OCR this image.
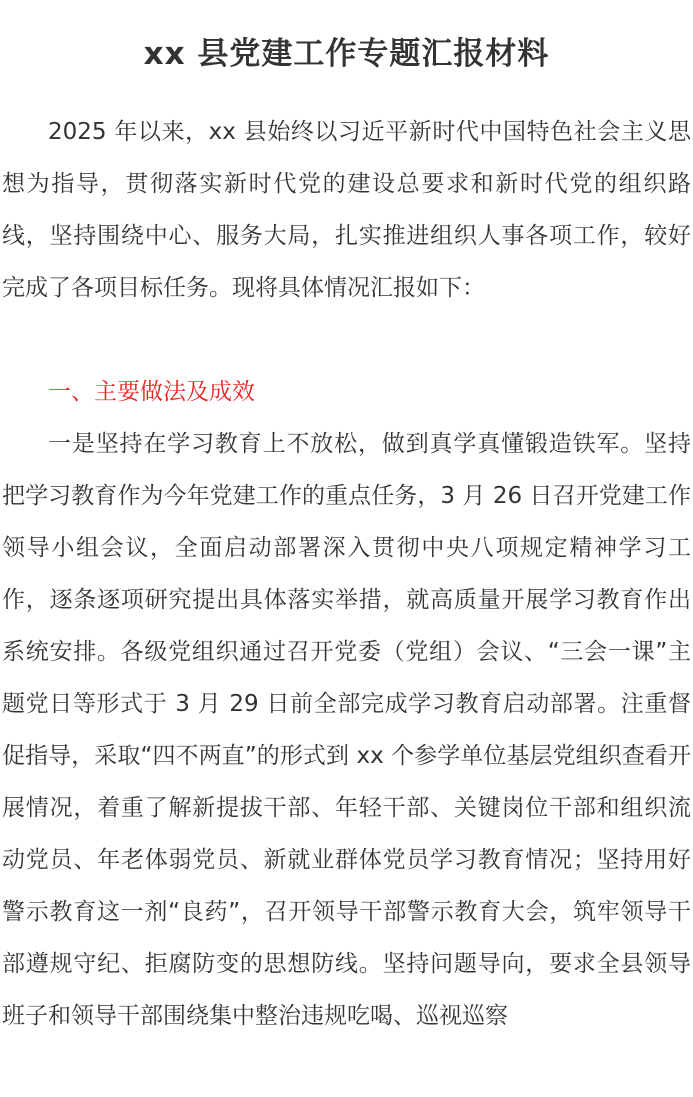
xx 县党建工作专题汇报材料

2025 年以来，xx 县始终以习近平新时代中国特色社会主义思想为指导，贯彻落实新时代党的建设总要求和新时代党的组织路线，坚持围绕中心、服务大局，扎实推进组织人事各项工作，较好完成了各项目标任务。现将具体情况汇报如下：

一、主要做法及成效

一是坚持在学习教育上不放松，做到真学真懂锻造铁军。坚持把学习教育作为今年党建工作的重点任务，3 月 26 日召开党建工作领导小组会议，全面启动部署深入贯彻中央八项规定精神学习工作，逐条逐项研究提出具体落实举措，就高质量开展学习教育作出系统安排。各级党组织通过召开党委（党组）会议、“三会一课”主题党日等形式于 3 月 29 日前全部完成学习教育启动部署。注重督促指导，采取“四不两直”的形式到 xx 个参学单位基层党组织查看开展情况，着重了解新提拔干部、年轻干部、关键岗位干部和组织流动党员、年老体弱党员、新就业群体党员学习教育情况；坚持用好警示教育这一剂“良药”，召开领导干部警示教育大会，筑牢领导干部遵规守纪、拒腐防变的思想防线。坚持问题导向，要求全县领导班子和领导干部围绕集中整治违规吃喝、巡视巡察
